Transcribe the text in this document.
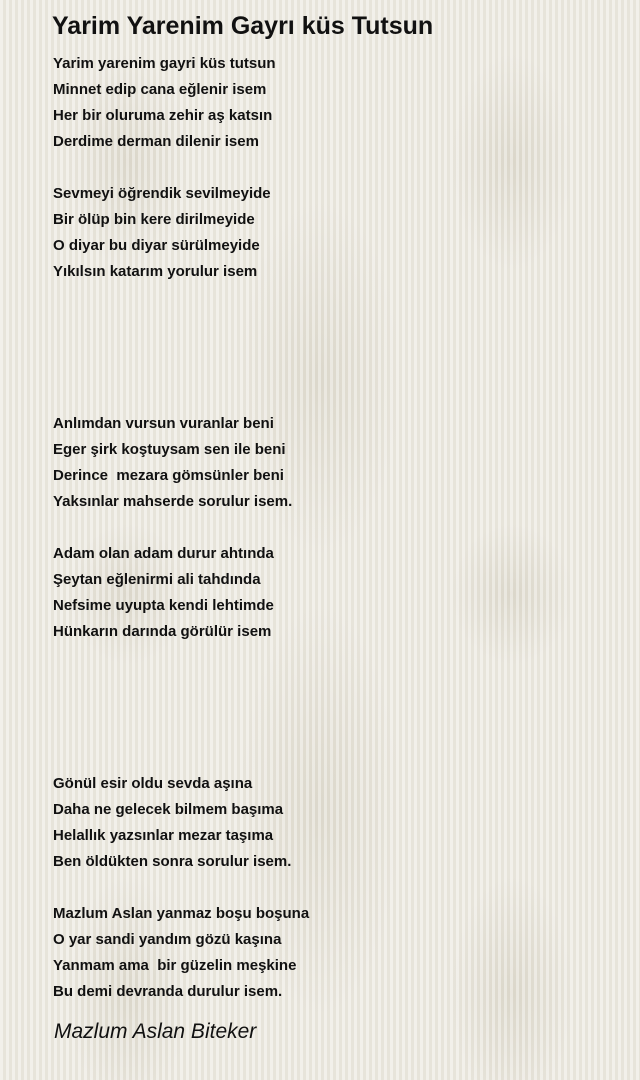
Yarim Yarenim Gayrı küs Tutsun
Yarim yarenim gayri küs tutsun
Minnet edip cana eğlenir isem
Her bir oluruma zehir aş katsın
Derdime derman dilenir isem
Sevmeyi öğrendik sevilmeyide
Bir ölüp bin kere dirilmeyide
O diyar bu diyar sürülmeyide
Yıkılsın katarım yorulur isem
Anlımdan vursun vuranlar beni
Eger şirk koştuysam sen ile beni
Derince  mezara gömsünler beni
Yaksınlar mahserde sorulur isem.
Adam olan adam durur ahtında
Şeytan eğlenirmi ali tahdında
Nefsime uyupta kendi lehtimde
Hünkarın darında görülür isem
Gönül esir oldu sevda aşına
Daha ne gelecek bilmem başıma
Helallık yazsınlar mezar taşıma
Ben öldükten sonra sorulur isem.
Mazlum Aslan yanmaz boşu boşuna
O yar sandi yandım gözü kaşına
Yanmam ama  bir güzelin meşkine
Bu demi devranda durulur isem.
Mazlum Aslan Biteker
